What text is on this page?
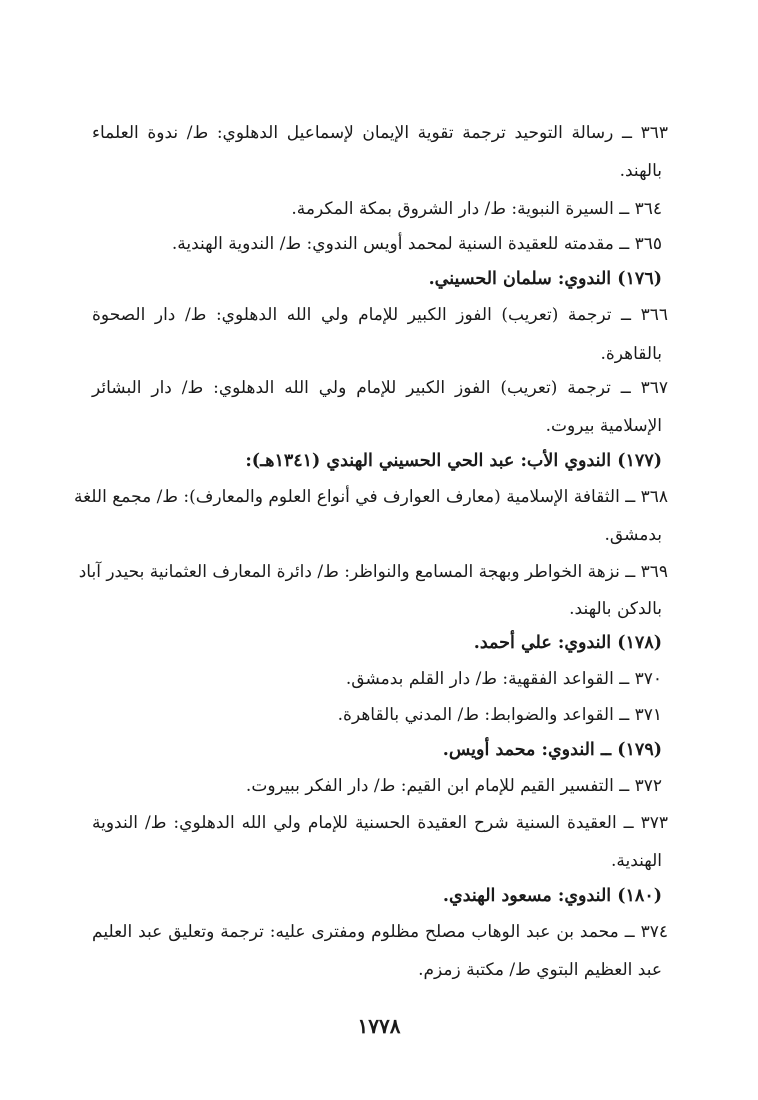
٣٦٣ ــ رسالة التوحيد ترجمة تقوية الإيمان لإسماعيل الدهلوي: ط/ ندوة العلماء
بالهند.
٣٦٤ ــ السيرة النبوية: ط/ دار الشروق بمكة المكرمة.
٣٦٥ ــ مقدمته للعقيدة السنية لمحمد أويس الندوي: ط/ الندوية الهندية.
(١٧٦) الندوي: سلمان الحسيني.
٣٦٦ ــ ترجمة (تعريب) الفوز الكبير للإمام ولي الله الدهلوي: ط/ دار الصحوة
بالقاهرة.
٣٦٧ ــ ترجمة (تعريب) الفوز الكبير للإمام ولي الله الدهلوي: ط/ دار البشائر
الإسلامية بيروت.
(١٧٧) الندوي الأب: عبد الحي الحسيني الهندي (١٣٤١هـ):
٣٦٨ ــ الثقافة الإسلامية (معارف العوارف في أنواع العلوم والمعارف): ط/ مجمع اللغة
بدمشق.
٣٦٩ ــ نزهة الخواطر وبهجة المسامع والنواظر: ط/ دائرة المعارف العثمانية بحيدر آباد
بالدكن بالهند.
(١٧٨) الندوي: علي أحمد.
٣٧٠ ــ القواعد الفقهية: ط/ دار القلم بدمشق.
٣٧١ ــ القواعد والضوابط: ط/ المدني بالقاهرة.
(١٧٩) ــ الندوي: محمد أويس.
٣٧٢ ــ التفسير القيم للإمام ابن القيم: ط/ دار الفكر ببيروت.
٣٧٣ ــ العقيدة السنية شرح العقيدة الحسنية للإمام ولي الله الدهلوي: ط/ الندوية
الهندية.
(١٨٠) الندوي: مسعود الهندي.
٣٧٤ ــ محمد بن عبد الوهاب مصلح مظلوم ومفترى عليه: ترجمة وتعليق عبد العليم
عبد العظيم البتوي ط/ مكتبة زمزم.
١٧٧٨
